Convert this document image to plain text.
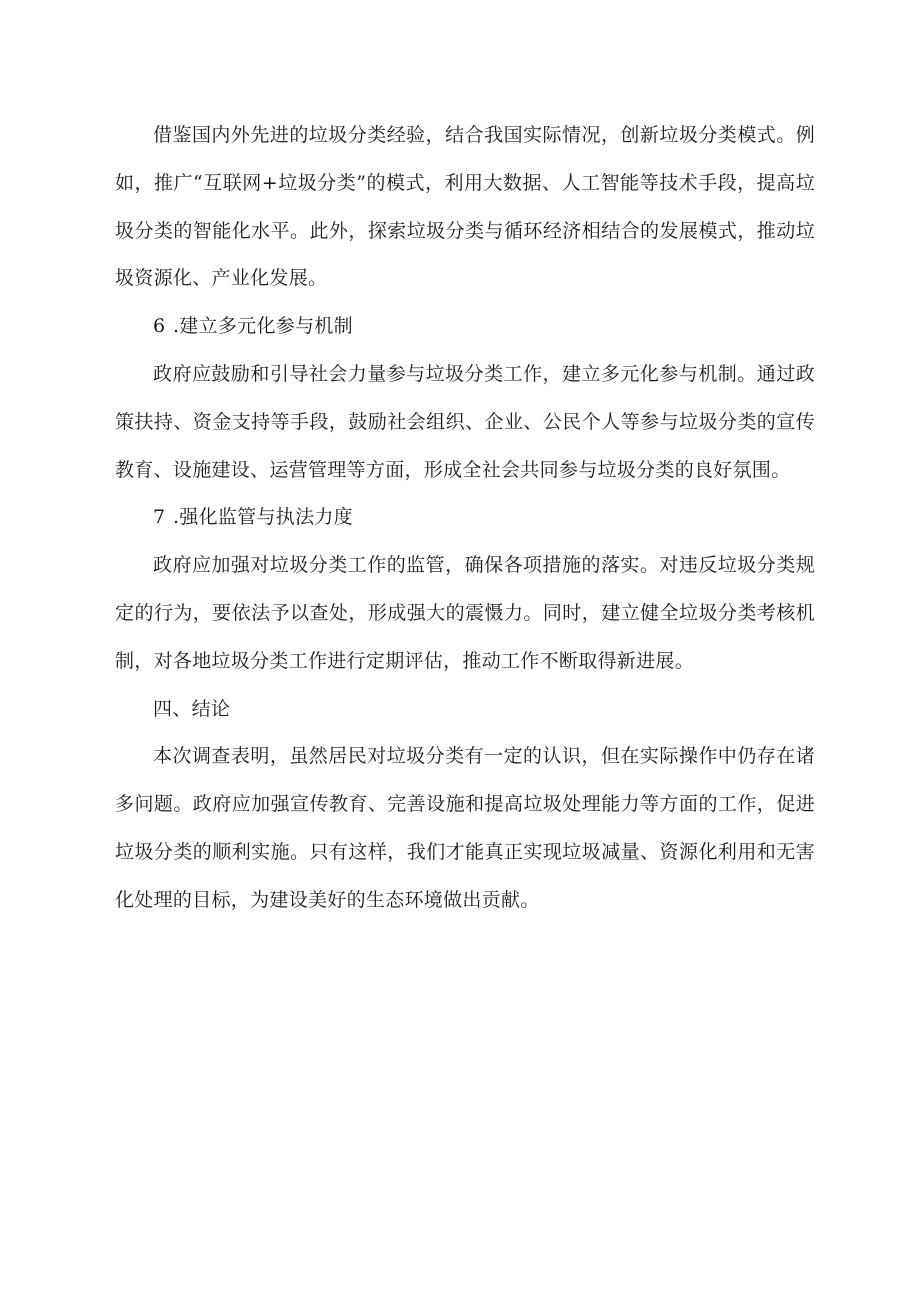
借鉴国内外先进的垃圾分类经验，结合我国实际情况，创新垃圾分类模式。例如，推广“互联网+垃圾分类”的模式，利用大数据、人工智能等技术手段，提高垃圾分类的智能化水平。此外，探索垃圾分类与循环经济相结合的发展模式，推动垃圾资源化、产业化发展。

6 .建立多元化参与机制

政府应鼓励和引导社会力量参与垃圾分类工作，建立多元化参与机制。通过政策扶持、资金支持等手段，鼓励社会组织、企业、公民个人等参与垃圾分类的宣传教育、设施建设、运营管理等方面，形成全社会共同参与垃圾分类的良好氛围。

7 .强化监管与执法力度

政府应加强对垃圾分类工作的监管，确保各项措施的落实。对违反垃圾分类规定的行为，要依法予以查处，形成强大的震慑力。同时，建立健全垃圾分类考核机制，对各地垃圾分类工作进行定期评估，推动工作不断取得新进展。

四、结论

本次调查表明，虽然居民对垃圾分类有一定的认识，但在实际操作中仍存在诸多问题。政府应加强宣传教育、完善设施和提高垃圾处理能力等方面的工作，促进垃圾分类的顺利实施。只有这样，我们才能真正实现垃圾减量、资源化利用和无害化处理的目标，为建设美好的生态环境做出贡献。
